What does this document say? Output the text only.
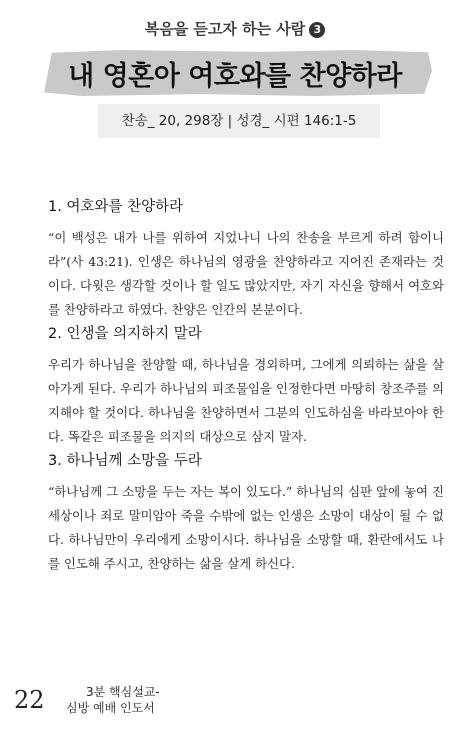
복음을 듣고자 하는 사람 3
내 영혼아 여호와를 찬양하라
찬송_ 20, 298장 | 성경_ 시편 146:1-5
1. 여호와를 찬양하라

“이 백성은 내가 나를 위하여 지었나니 나의 찬송을 부르게 하려 함이니라”(사 43:21). 인생은 하나님의 영광을 찬양하라고 지어진 존재라는 것이다. 다윗은 생각할 것이나 할 일도 많았지만, 자기 자신을 향해서 여호와를 찬양하라고 하였다. 찬양은 인간의 본분이다.

2. 인생을 의지하지 말라

우리가 하나님을 찬양할 때, 하나님을 경외하며, 그에게 의뢰하는 삶을 살아가게 된다. 우리가 하나님의 피조물임을 인정한다면 마땅히 창조주를 의지해야 할 것이다. 하나님을 찬양하면서 그분의 인도하심을 바라보아야 한다. 똑같은 피조물을 의지의 대상으로 삼지 말자.

3. 하나님께 소망을 두라

“하나님께 그 소망을 두는 자는 복이 있도다.” 하나님의 심판 앞에 놓여 진 세상이나 죄로 말미암아 죽을 수밖에 없는 인생은 소망이 대상이 될 수 없다. 하나님만이 우리에게 소망이시다. 하나님을 소망할 때, 환란에서도 나를 인도해 주시고, 찬양하는 삶을 살게 하신다.

22	3분 핵심설교-
심방 예배 인도서
